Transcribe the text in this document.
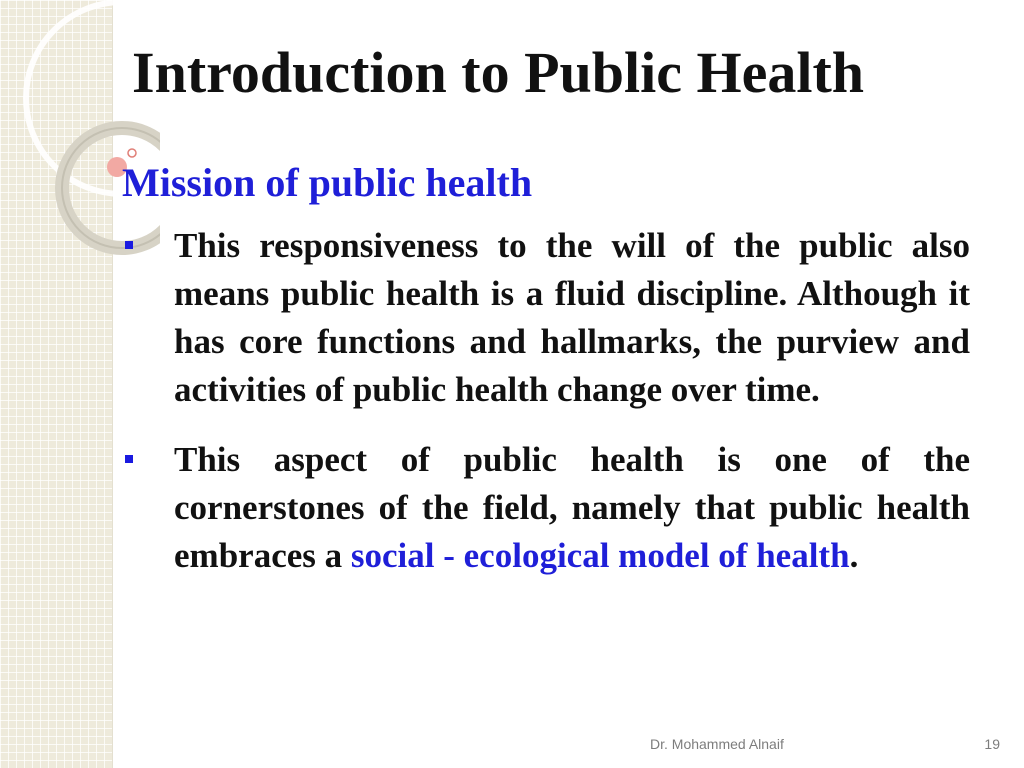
Introduction to Public Health
Mission of public health
This responsiveness to the will of the public also means public health is a fluid discipline. Although it has core functions and hallmarks, the purview and activities of public health change over time.
This aspect of public health is one of the cornerstones of the field, namely that public health embraces a social - ecological model of health.
Dr. Mohammed Alnaif	19
